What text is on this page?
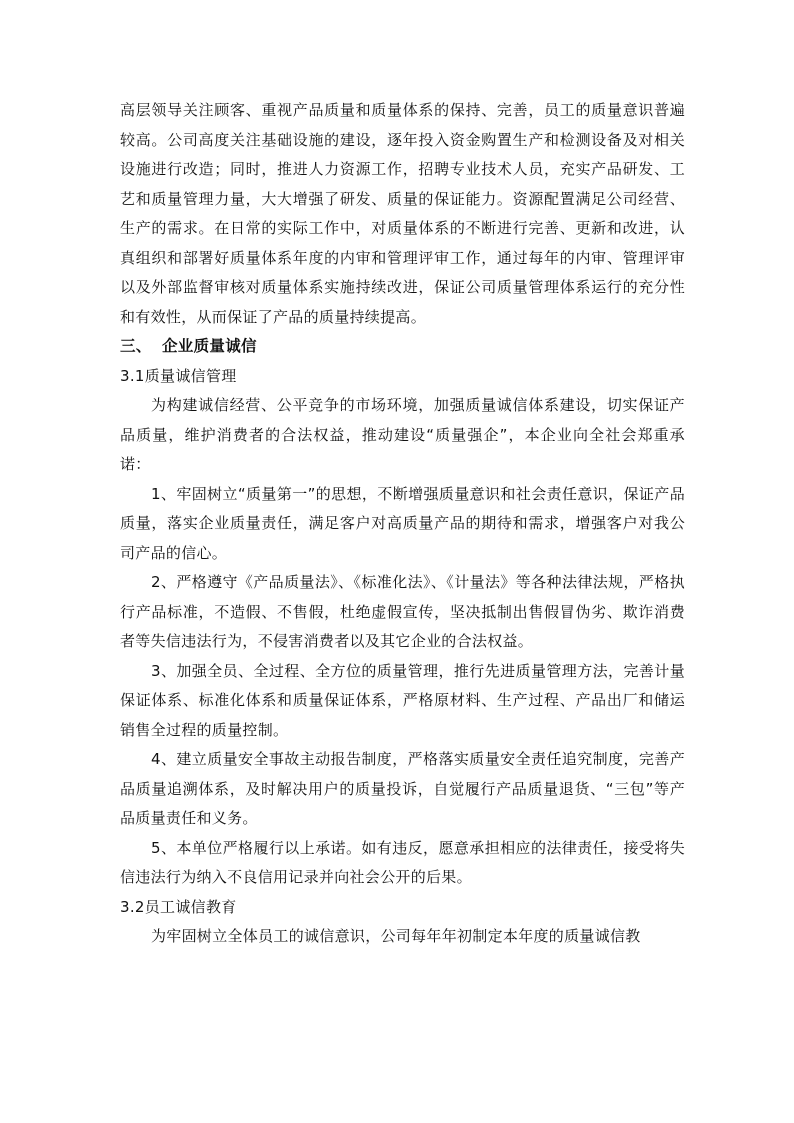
高层领导关注顾客、重视产品质量和质量体系的保持、完善，员工的质量意识普遍较高。公司高度关注基础设施的建设，逐年投入资金购置生产和检测设备及对相关设施进行改造；同时，推进人力资源工作，招聘专业技术人员，充实产品研发、工艺和质量管理力量，大大增强了研发、质量的保证能力。资源配置满足公司经营、生产的需求。在日常的实际工作中，对质量体系的不断进行完善、更新和改进，认真组织和部署好质量体系年度的内审和管理评审工作，通过每年的内审、管理评审以及外部监督审核对质量体系实施持续改进，保证公司质量管理体系运行的充分性和有效性，从而保证了产品的质量持续提高。

三、 企业质量诚信
3.1质量诚信管理

为构建诚信经营、公平竞争的市场环境，加强质量诚信体系建设，切实保证产品质量，维护消费者的合法权益，推动建设“质量强企”，本企业向全社会郑重承诺：

1、牢固树立“质量第一”的思想，不断增强质量意识和社会责任意识，保证产品质量，落实企业质量责任，满足客户对高质量产品的期待和需求，增强客户对我公司产品的信心。

2、严格遵守《产品质量法》、《标准化法》、《计量法》等各种法律法规，严格执行产品标准，不造假、不售假，杜绝虚假宣传，坚决抵制出售假冒伪劣、欺诈消费者等失信违法行为，不侵害消费者以及其它企业的合法权益。

3、加强全员、全过程、全方位的质量管理，推行先进质量管理方法，完善计量保证体系、标准化体系和质量保证体系，严格原材料、生产过程、产品出厂和储运销售全过程的质量控制。

4、建立质量安全事故主动报告制度，严格落实质量安全责任追究制度，完善产品质量追溯体系，及时解决用户的质量投诉，自觉履行产品质量退货、“三包”等产品质量责任和义务。

5、本单位严格履行以上承诺。如有违反，愿意承担相应的法律责任，接受将失信违法行为纳入不良信用记录并向社会公开的后果。

3.2员工诚信教育

为牢固树立全体员工的诚信意识，公司每年年初制定本年度的质量诚信教
